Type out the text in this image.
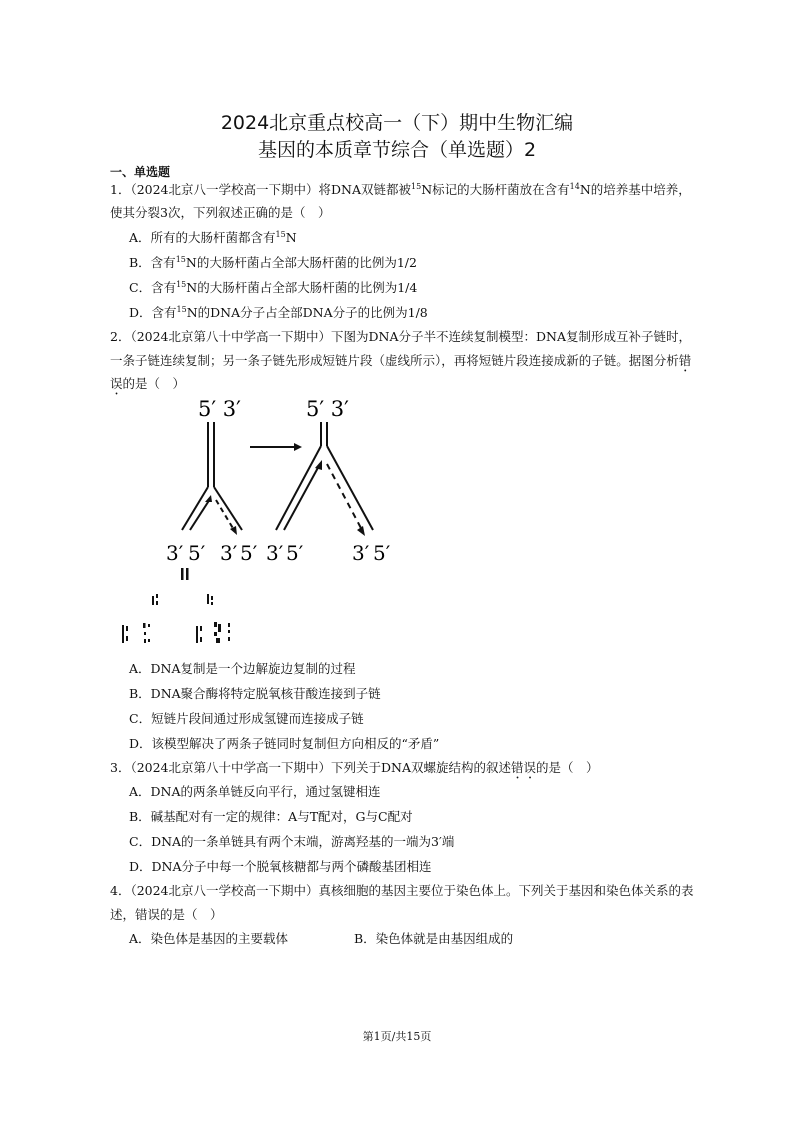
2024北京重点校高一（下）期中生物汇编
基因的本质章节综合（单选题）2
一、单选题
1．（2024北京八一学校高一下期中）将DNA双链都被$^{15}$N标记的大肠杆菌放在含有$^{14}$N的培养基中培养，
使其分裂3次，下列叙述正确的是（　）
A．所有的大肠杆菌都含有$^{15}$N
B．含有$^{15}$N的大肠杆菌占全部大肠杆菌的比例为1/2
C．含有$^{15}$N的大肠杆菌占全部大肠杆菌的比例为1/4
D．含有$^{15}$N的DNA分子占全部DNA分子的比例为1/8
2．（2024北京第八十中学高一下期中）下图为DNA分子半不连续复制模型：DNA复制形成互补子链时，
一条子链连续复制；另一条子链先形成短链片段（虚线所示），再将短链片段连接成新的子链。据图分析错
误的是（　）
5′ 3′
3′ 5′ 3′ 5′
5′ 3′
3′ 5′ 3′ 5′
A．DNA复制是一个边解旋边复制的过程
B．DNA聚合酶将特定脱氧核苷酸连接到子链
C．短链片段间通过形成氢键而连接成子链
D．该模型解决了两条子链同时复制但方向相反的“矛盾”
3．（2024北京第八十中学高一下期中）下列关于DNA双螺旋结构的叙述错误的是（　）
A．DNA的两条单链反向平行，通过氢键相连
B．碱基配对有一定的规律：A与T配对，G与C配对
C．DNA的一条单链具有两个末端，游离羟基的一端为3′端
D．DNA分子中每一个脱氧核糖都与两个磷酸基团相连
4．（2024北京八一学校高一下期中）真核细胞的基因主要位于染色体上。下列关于基因和染色体关系的表
述，错误的是（　）
A．染色体是基因的主要载体	B．染色体就是由基因组成的
第1页/共15页
